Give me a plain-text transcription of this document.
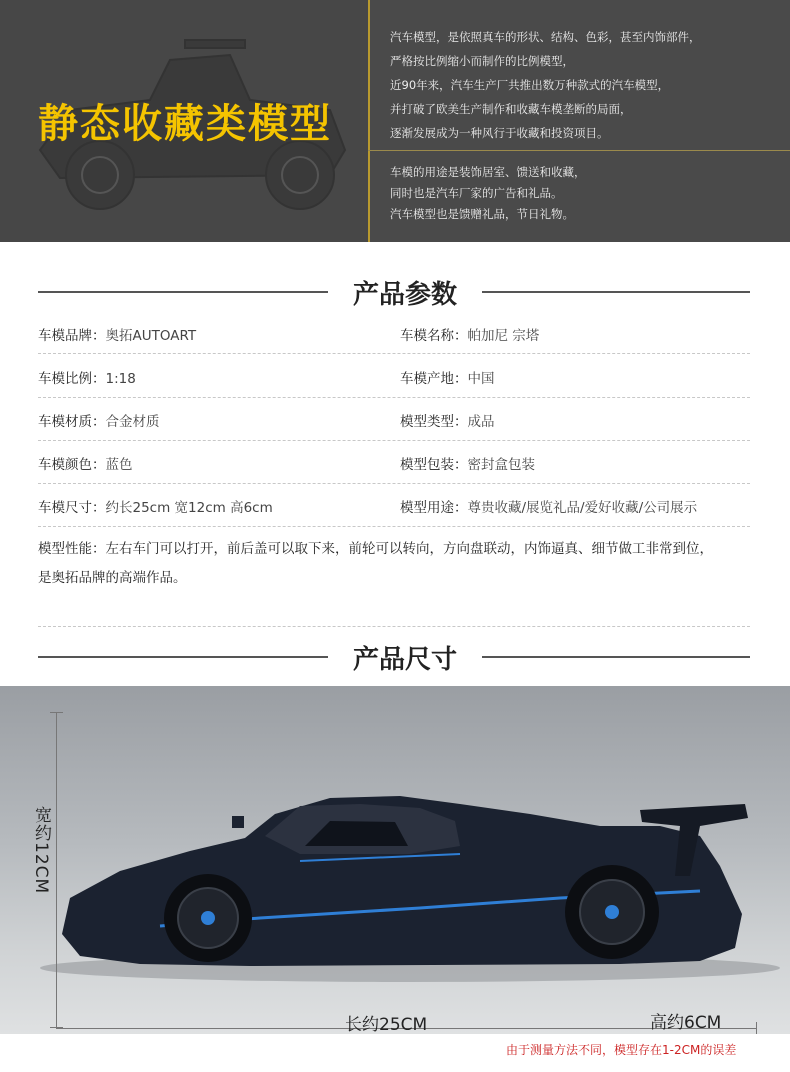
静态收藏类模型
汽车模型，是依照真车的形状、结构、色彩，甚至内饰部件，
严格按比例缩小而制作的比例模型，
近90年来，汽车生产厂共推出数万种款式的汽车模型，
并打破了欧美生产制作和收藏车模垄断的局面，
逐渐发展成为一种风行于收藏和投资项目。
车模的用途是装饰居室、馈送和收藏，
同时也是汽车厂家的广告和礼品。
汽车模型也是馈赠礼品，节日礼物。
产品参数
车模品牌：奥拓AUTOART	车模名称：帕加尼 宗塔
车模比例：1:18	车模产地：中国
车模材质：合金材质	模型类型：成品
车模颜色：蓝色	模型包装：密封盒包装
车模尺寸：约长25cm 宽12cm 高6cm	模型用途：尊贵收藏/展览礼品/爱好收藏/公司展示
模型性能：左右车门可以打开，前后盖可以取下来，前轮可以转向，方向盘联动，内饰逼真、细节做工非常到位，
是奥拓品牌的高端作品。
产品尺寸
宽约12CM
长约25CM	高约6CM
由于测量方法不同，模型存在1-2CM的误差
